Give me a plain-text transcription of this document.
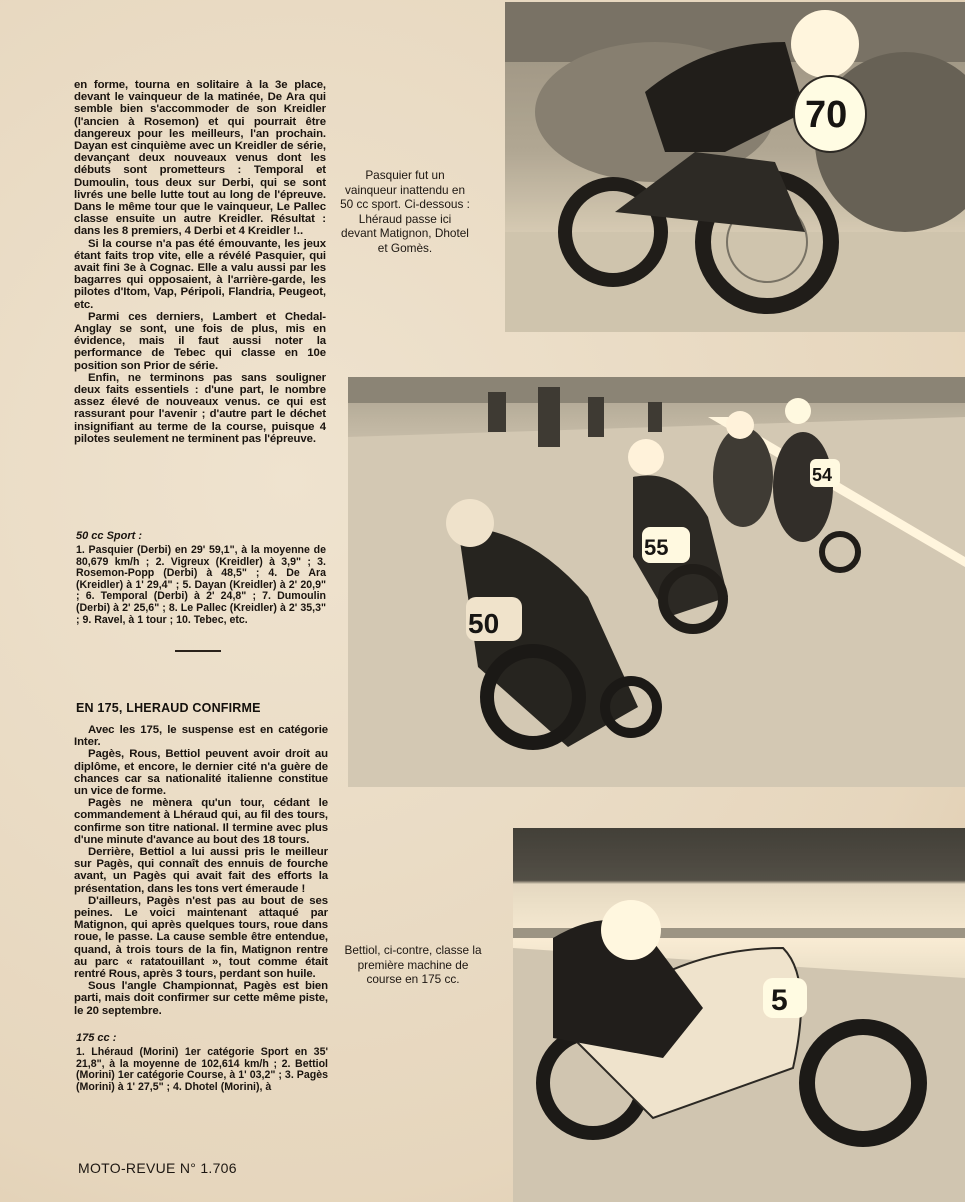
en forme, tourna en solitaire à la 3e place, devant le vainqueur de la matinée, De Ara qui semble bien s'accommoder de son Kreidler (l'ancien à Rosemon) et qui pourrait être dangereux pour les meilleurs, l'an prochain. Dayan est cinquième avec un Kreidler de série, devançant deux nouveaux venus dont les débuts sont prometteurs : Temporal et Dumoulin, tous deux sur Derbi, qui se sont livrés une belle lutte tout au long de l'épreuve. Dans le même tour que le vainqueur, Le Pallec classe ensuite un autre Kreidler. Résultat : dans les 8 premiers, 4 Derbi et 4 Kreidler !..

Si la course n'a pas été émouvante, les jeux étant faits trop vite, elle a révélé Pasquier, qui avait fini 3e à Cognac. Elle a valu aussi par les bagarres qui opposaient, à l'arrière-garde, les pilotes d'Itom, Vap, Péripoli, Flandria, Peugeot, etc.

Parmi ces derniers, Lambert et Chedal-Anglay se sont, une fois de plus, mis en évidence, mais il faut aussi noter la performance de Tebec qui classe en 10e position son Prior de série.

Enfin, ne terminons pas sans souligner deux faits essentiels : d'une part, le nombre assez élevé de nouveaux venus. ce qui est rassurant pour l'avenir ; d'autre part le déchet insignifiant au terme de la course, puisque 4 pilotes seulement ne terminent pas l'épreuve.

50 cc Sport :
1. Pasquier (Derbi) en 29' 59,1", à la moyenne de 80,679 km/h ; 2. Vigreux (Kreidler) à 3,9" ; 3. Rosemon-Popp (Derbi) à 48,5" ; 4. De Ara (Kreidler) à 1' 29,4" ; 5. Dayan (Kreidler) à 2' 20,9" ; 6. Temporal (Derbi) à 2' 24,8" ; 7. Dumoulin (Derbi) à 2' 25,6" ; 8. Le Pallec (Kreidler) à 2' 35,3" ; 9. Ravel, à 1 tour ; 10. Tebec, etc.
EN 175, LHERAUD CONFIRME

Avec les 175, le suspense est en catégorie Inter.

Pagès, Rous, Bettiol peuvent avoir droit au diplôme, et encore, le dernier cité n'a guère de chances car sa nationalité italienne constitue un vice de forme.

Pagès ne mènera qu'un tour, cédant le commandement à Lhéraud qui, au fil des tours, confirme son titre national. Il termine avec plus d'une minute d'avance au bout des 18 tours.

Derrière, Bettiol a lui aussi pris le meilleur sur Pagès, qui connaît des ennuis de fourche avant, un Pagès qui avait fait des efforts la présentation, dans les tons vert émeraude !

D'ailleurs, Pagès n'est pas au bout de ses peines. Le voici maintenant attaqué par Matignon, qui après quelques tours, roue dans roue, le passe. La cause semble être entendue, quand, à trois tours de la fin, Matignon rentre au parc « ratatouillant », tout comme était rentré Rous, après 3 tours, perdant son huile.

Sous l'angle Championnat, Pagès est bien parti, mais doit confirmer sur cette même piste, le 20 septembre.

175 cc :
1. Lhéraud (Morini) 1er catégorie Sport en 35' 21,8", à la moyenne de 102,614 km/h ; 2. Bettiol (Morini) 1er catégorie Course, à 1' 03,2" ; 3. Pagès (Morini) à 1' 27,5" ; 4. Dhotel (Morini), à
Pasquier fut un vainqueur inattendu en 50 cc sport. Ci-dessous : Lhéraud passe ici devant Matignon, Dhotel et Gomès.
Bettiol, ci-contre, classe la première machine de course en 175 cc.
70
54
55
50
5
MOTO-REVUE N° 1.706
